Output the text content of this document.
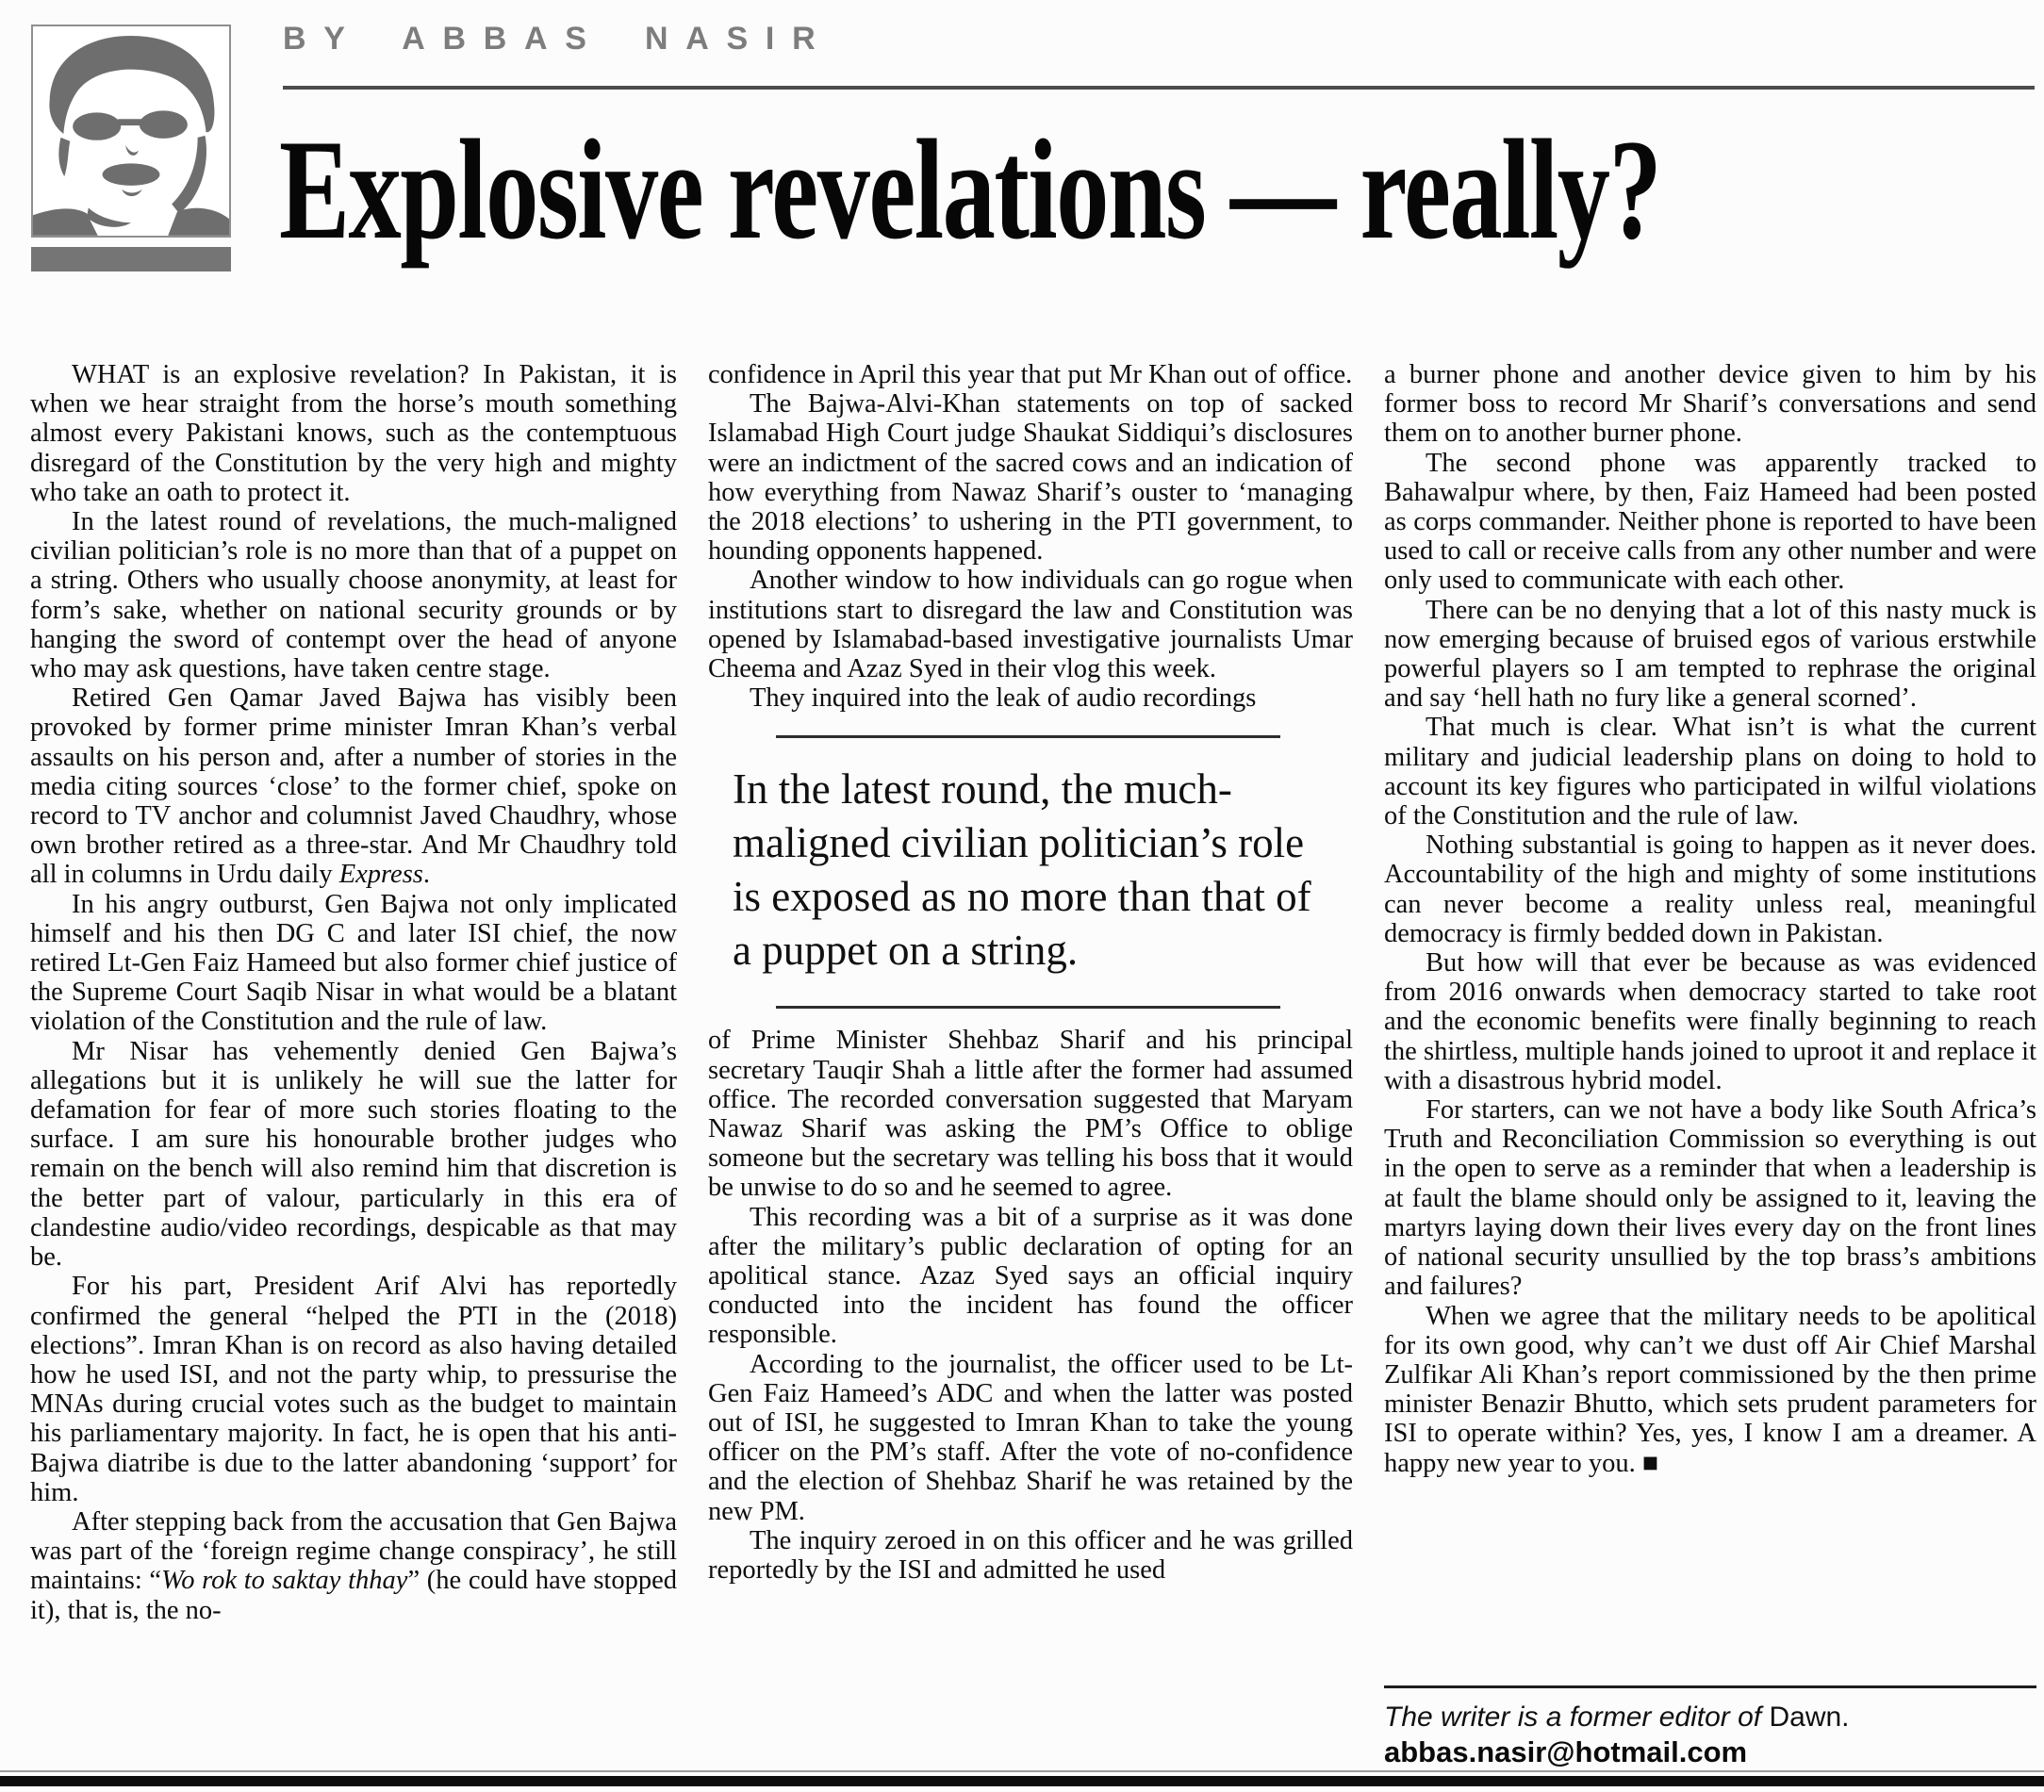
BY ABBAS NASIR
Explosive revelations — really?

WHAT is an explosive revelation? In Pakistan, it is when we hear straight from the horse’s mouth something almost every Pakistani knows, such as the contemptuous disregard of the Constitution by the very high and mighty who take an oath to protect it.

In the latest round of revelations, the much-maligned civilian politician’s role is no more than that of a puppet on a string. Others who usually choose anonymity, at least for form’s sake, whether on national security grounds or by hanging the sword of contempt over the head of anyone who may ask questions, have taken centre stage.

Retired Gen Qamar Javed Bajwa has visibly been provoked by former prime minister Imran Khan’s verbal assaults on his person and, after a number of stories in the media citing sources ‘close’ to the former chief, spoke on record to TV anchor and columnist Javed Chaudhry, whose own brother retired as a three-star. And Mr Chaudhry told all in columns in Urdu daily Express.

In his angry outburst, Gen Bajwa not only implicated himself and his then DG C and later ISI chief, the now retired Lt-Gen Faiz Hameed but also former chief justice of the Supreme Court Saqib Nisar in what would be a blatant violation of the Constitution and the rule of law.

Mr Nisar has vehemently denied Gen Bajwa’s allegations but it is unlikely he will sue the latter for defamation for fear of more such stories floating to the surface. I am sure his honourable brother judges who remain on the bench will also remind him that discretion is the better part of valour, particularly in this era of clandestine audio/video recordings, despicable as that may be.

For his part, President Arif Alvi has reportedly confirmed the general “helped the PTI in the (2018) elections”. Imran Khan is on record as also having detailed how he used ISI, and not the party whip, to pressurise the MNAs during crucial votes such as the budget to maintain his parliamentary majority. In fact, he is open that his anti-Bajwa diatribe is due to the latter abandoning ‘support’ for him.

After stepping back from the accusation that Gen Bajwa was part of the ‘foreign regime change conspiracy’, he still maintains: “Wo rok to saktay thhay” (he could have stopped it), that is, the no-

confidence in April this year that put Mr Khan out of office.

The Bajwa-Alvi-Khan statements on top of sacked Islamabad High Court judge Shaukat Siddiqui’s disclosures were an indictment of the sacred cows and an indication of how everything from Nawaz Sharif’s ouster to ‘managing the 2018 elections’ to ushering in the PTI government, to hounding opponents happened.

Another window to how individuals can go rogue when institutions start to disregard the law and Constitution was opened by Islamabad-based investigative journalists Umar Cheema and Azaz Syed in their vlog this week.

They inquired into the leak of audio recordings

In the latest round, the much-maligned civilian politician’s role is exposed as no more than that of a puppet on a string.

of Prime Minister Shehbaz Sharif and his principal secretary Tauqir Shah a little after the former had assumed office. The recorded conversation suggested that Maryam Nawaz Sharif was asking the PM’s Office to oblige someone but the secretary was telling his boss that it would be unwise to do so and he seemed to agree.

This recording was a bit of a surprise as it was done after the military’s public declaration of opting for an apolitical stance. Azaz Syed says an official inquiry conducted into the incident has found the officer responsible.

According to the journalist, the officer used to be Lt-Gen Faiz Hameed’s ADC and when the latter was posted out of ISI, he suggested to Imran Khan to take the young officer on the PM’s staff. After the vote of no-confidence and the election of Shehbaz Sharif he was retained by the new PM.

The inquiry zeroed in on this officer and he was grilled reportedly by the ISI and admitted he used

a burner phone and another device given to him by his former boss to record Mr Sharif’s conversations and send them on to another burner phone.

The second phone was apparently tracked to Bahawalpur where, by then, Faiz Hameed had been posted as corps commander. Neither phone is reported to have been used to call or receive calls from any other number and were only used to communicate with each other.

There can be no denying that a lot of this nasty muck is now emerging because of bruised egos of various erstwhile powerful players so I am tempted to rephrase the original and say ‘hell hath no fury like a general scorned’.

That much is clear. What isn’t is what the current military and judicial leadership plans on doing to hold to account its key figures who participated in wilful violations of the Constitution and the rule of law.

Nothing substantial is going to happen as it never does. Accountability of the high and mighty of some institutions can never become a reality unless real, meaningful democracy is firmly bedded down in Pakistan.

But how will that ever be because as was evidenced from 2016 onwards when democracy started to take root and the economic benefits were finally beginning to reach the shirtless, multiple hands joined to uproot it and replace it with a disastrous hybrid model.

For starters, can we not have a body like South Africa’s Truth and Reconciliation Commission so everything is out in the open to serve as a reminder that when a leadership is at fault the blame should only be assigned to it, leaving the martyrs laying down their lives every day on the front lines of national security unsullied by the top brass’s ambitions and failures?

When we agree that the military needs to be apolitical for its own good, why can’t we dust off Air Chief Marshal Zulfikar Ali Khan’s report commissioned by the then prime minister Benazir Bhutto, which sets prudent parameters for ISI to operate within? Yes, yes, I know I am a dreamer. A happy new year to you. ■

The writer is a former editor of Dawn.

abbas.nasir@hotmail.com
